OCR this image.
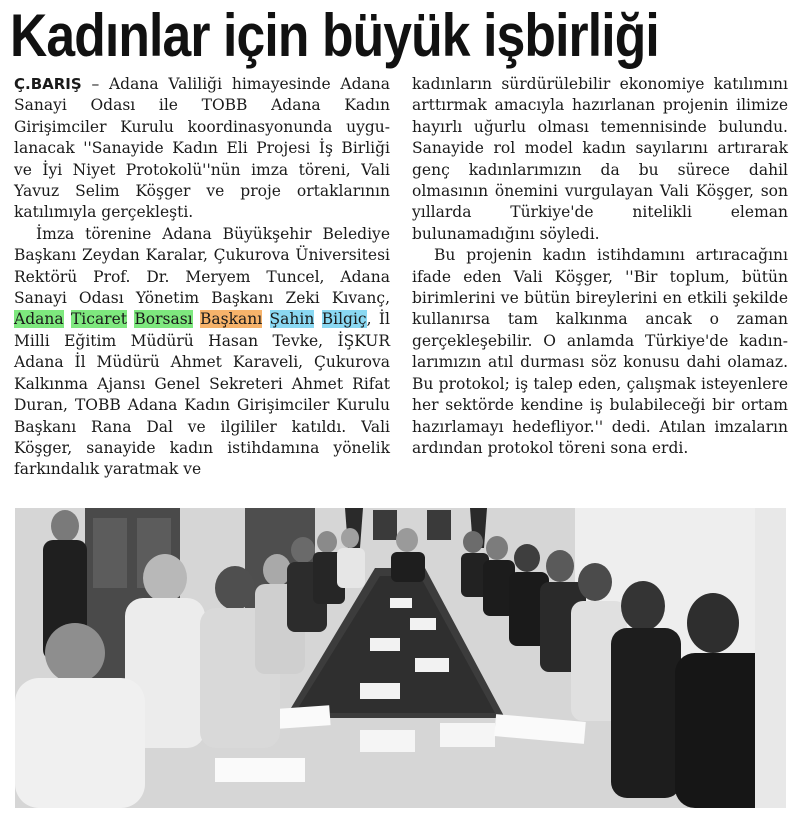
Kadınlar için büyük işbirliği

Ç.BARIŞ – Adana Valiliği himayesinde Adana Sanayi Odası ile TOBB Adana Kadın Girişimciler Kurulu koordinasyonunda uygulanacak ''Sanayide Kadın Eli Projesi İş Birliği ve İyi Niyet Protokolü''nün imza töreni, Vali Yavuz Selim Köşger ve proje ortaklarının katılımıyla gerçekleşti.

İmza törenine Adana Büyükşehir Belediye Başkanı Zeydan Karalar, Çukurova Üniversitesi Rektörü Prof. Dr. Meryem Tuncel, Adana Sanayi Odası Yönetim Başkanı Zeki Kıvanç, Adana Ticaret Borsası Başkanı Şahin Bilgiç, İl Milli Eğitim Müdürü Hasan Tevke, İŞKUR Adana İl Müdürü Ahmet Karaveli, Çukurova Kalkınma Ajansı Genel Sekreteri Ahmet Rifat Duran, TOBB Adana Kadın Girişimciler Kurulu Başkanı Rana Dal ve ilgililer katıldı. Vali Köşger, sanayide kadın istihdamına yönelik farkındalık yaratmak ve

kadınların sürdürülebilir ekonomiye katılımını arttırmak amacıyla hazırlanan projenin ilimize hayırlı uğurlu olması temennisinde bulundu. Sanayide rol model kadın sayılarını artırarak genç kadınlarımızın da bu sürece dahil olmasının önemini vurgulayan Vali Köşger, son yıllarda Türkiye'de nitelikli eleman bulunamadığını söyledi.

Bu projenin kadın istihdamını artıracağını ifade eden Vali Köşger, ''Bir toplum, bütün birimlerini ve bütün bireylerini en etkili şekilde kullanırsa tam kalkınma ancak o zaman gerçekleşebilir. O anlamda Türkiye'de kadınlarımızın atıl durması söz konusu dahi olamaz. Bu protokol; iş talep eden, çalışmak isteyenlere her sektörde kendine iş bulabileceği bir ortam hazırlamayı hedefliyor.'' dedi. Atılan imzaların ardından protokol töreni sona erdi.
